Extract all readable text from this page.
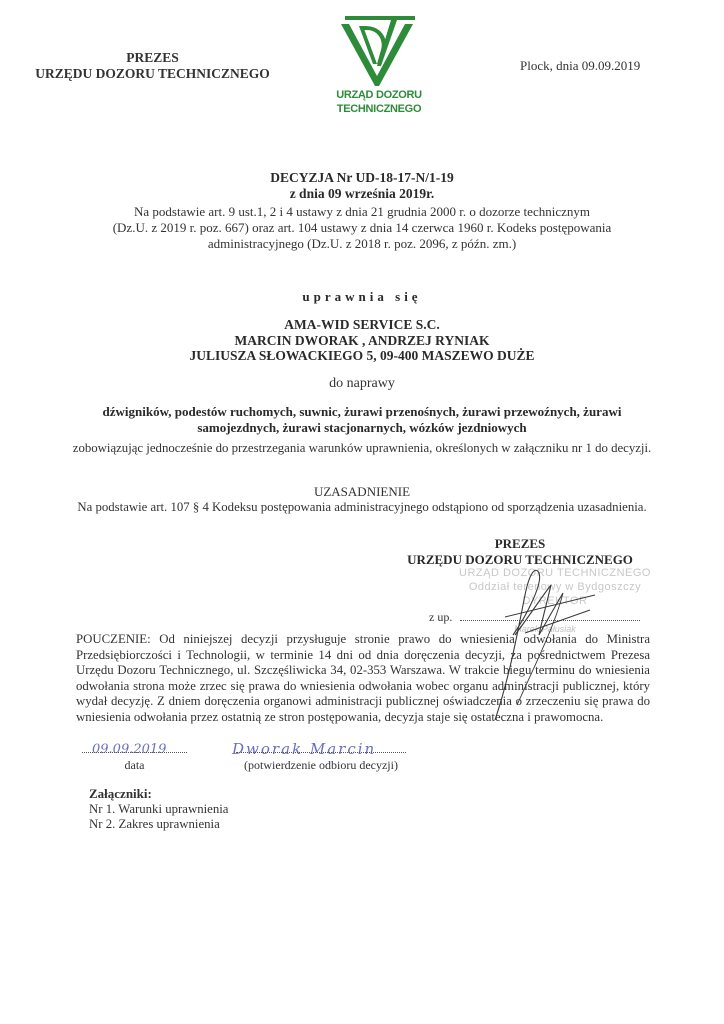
PREZES
URZĘDU DOZORU TECHNICZNEGO
URZĄD DOZORU
TECHNICZNEGO
Plock, dnia 09.09.2019
DECYZJA Nr UD-18-17-N/1-19
z dnia 09 września 2019r.
Na podstawie art. 9 ust.1, 2 i 4 ustawy z dnia 21 grudnia 2000 r. o dozorze technicznym
(Dz.U. z 2019 r. poz. 667) oraz art. 104 ustawy z dnia 14 czerwca 1960 r. Kodeks postępowania
administracyjnego (Dz.U. z 2018 r. poz. 2096, z późn. zm.)
uprawnia się
AMA-WID SERVICE S.C.
MARCIN DWORAK , ANDRZEJ RYNIAK
JULIUSZA SŁOWACKIEGO 5, 09-400 MASZEWO DUŻE
do naprawy
dźwigników, podestów ruchomych, suwnic, żurawi przenośnych, żurawi przewoźnych, żurawi
samojezdnych, żurawi stacjonarnych, wózków jezdniowych
zobowiązując jednocześnie do przestrzegania warunków uprawnienia, określonych w załączniku nr 1 do decyzji.
UZASADNIENIE
Na podstawie art. 107 § 4 Kodeksu postępowania administracyjnego odstąpiono od sporządzenia uzasadnienia.
PREZES
URZĘDU DOZORU TECHNICZNEGO
URZĄD DOZORU TECHNICZNEGO
Oddział terenowy w Bydgoszczy
DYREKTOR
z up.
Marek Pałusiak
POUCZENIE: Od niniejszej decyzji przysługuje stronie prawo do wniesienia odwołania do Ministra Przedsiębiorczości i Technologii, w terminie 14 dni od dnia doręczenia decyzji, za pośrednictwem Prezesa Urzędu Dozoru Technicznego, ul. Szczęśliwicka 34, 02-353 Warszawa. W trakcie biegu terminu do wniesienia odwołania strona może zrzec się prawa do wniesienia odwołania wobec organu administracji publicznej, który wydał decyzję. Z dniem doręczenia organowi administracji publicznej oświadczenia o zrzeczeniu się prawa do wniesienia odwołania przez ostatnią ze stron postępowania, decyzja staje się ostateczna i prawomocna.
09.09.2019
data
Dworak Marcin
(potwierdzenie odbioru decyzji)
Załączniki:
Nr 1. Warunki uprawnienia
Nr 2. Zakres uprawnienia
